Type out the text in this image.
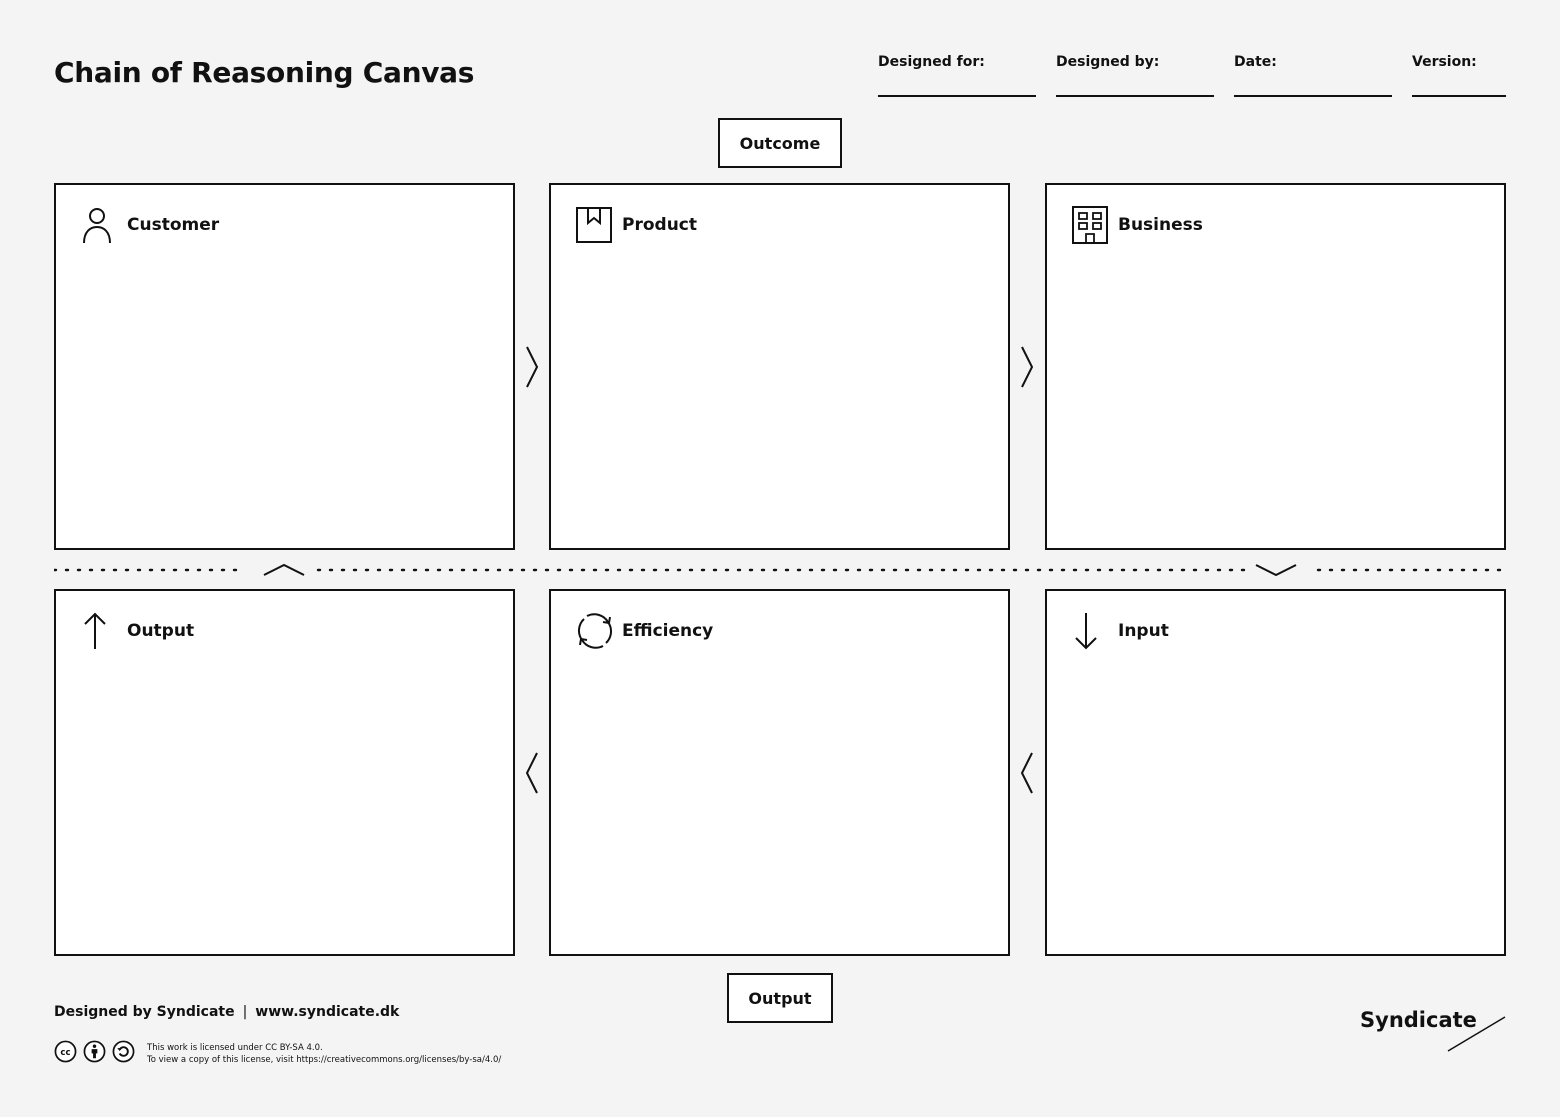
Chain of Reasoning Canvas	Designed for:	Designed by:	Date:	Version:
Outcome
Customer	Product	Business
Output	Efficiency	Input
Output
Designed by Syndicate | www.syndicate.dk
cc	This work is licensed under CC BY-SA 4.0.
To view a copy of this license, visit https://creativecommons.org/licenses/by-sa/4.0/
Syndicate
